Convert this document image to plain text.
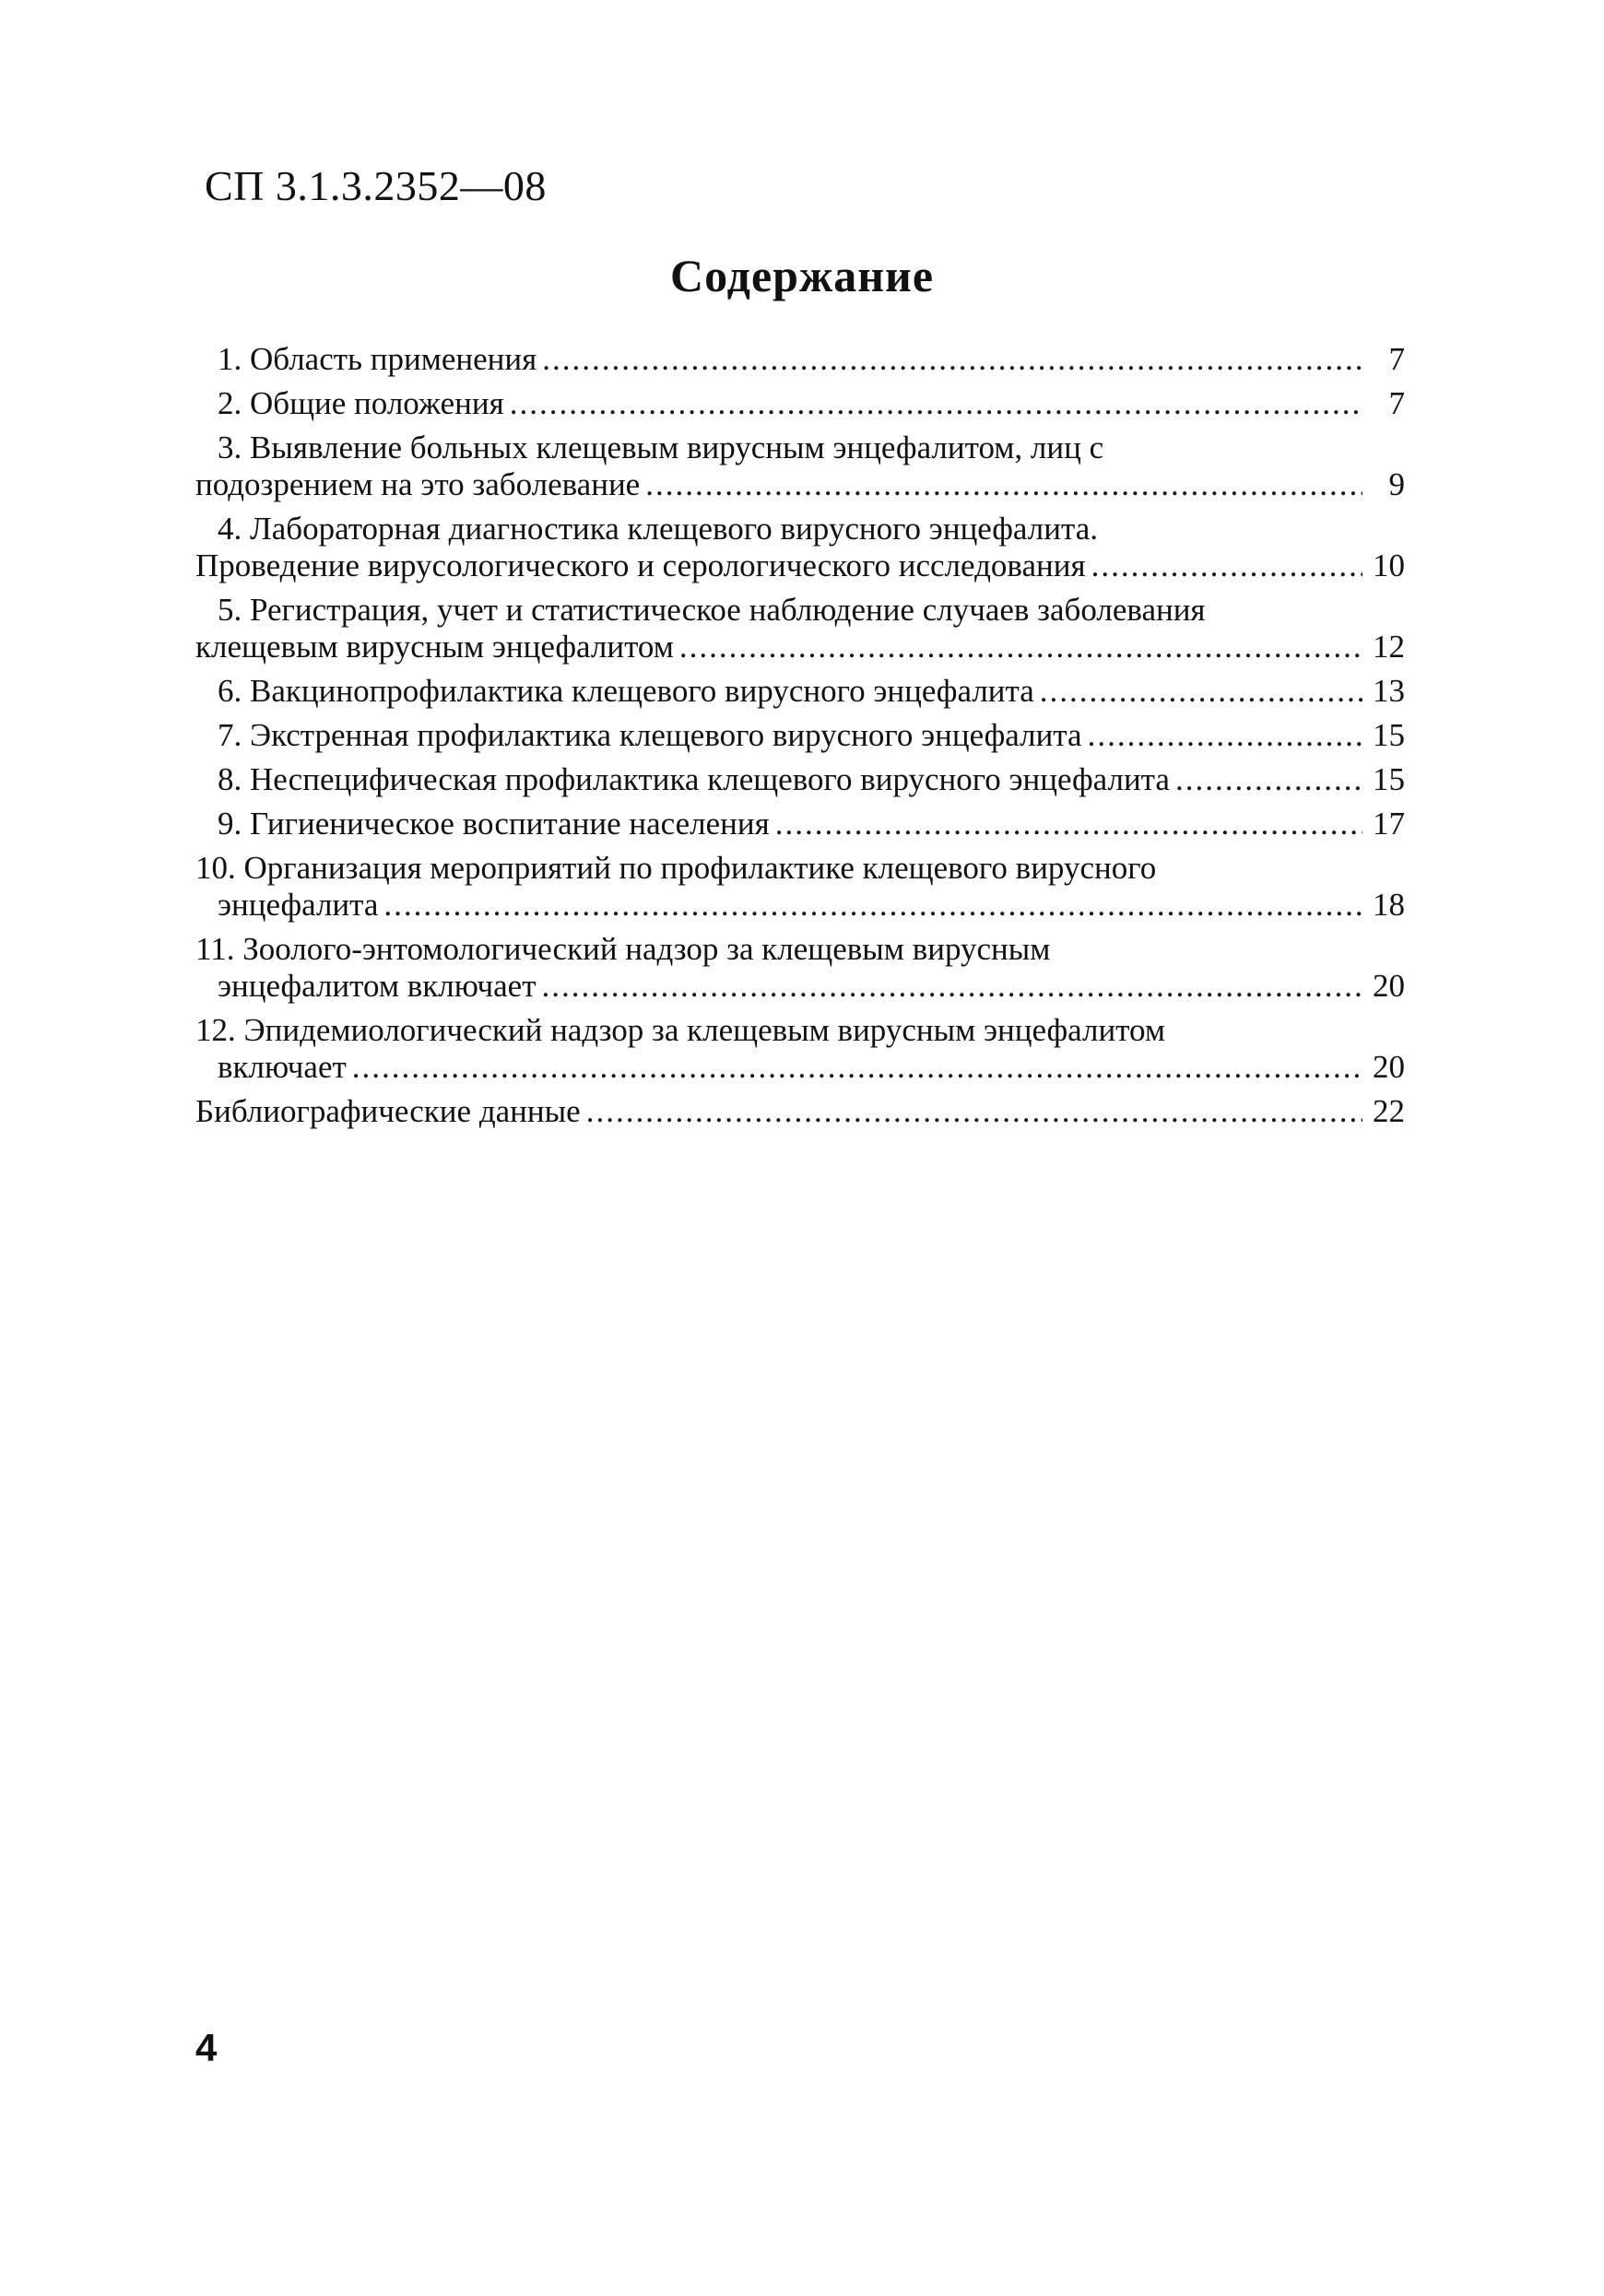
СП 3.1.3.2352—08
Содержание
1. Область применения .....	7
2. Общие положения .....	7
3. Выявление больных клещевым вирусным энцефалитом, лиц с
подозрением на это заболевание .....	9
4. Лабораторная диагностика клещевого вирусного энцефалита.
Проведение вирусологического и серологического исследования .....	10
5. Регистрация, учет и статистическое наблюдение случаев заболевания
клещевым вирусным энцефалитом .....	12
6. Вакцинопрофилактика клещевого вирусного энцефалита .....	13
7. Экстренная профилактика клещевого вирусного энцефалита .....	15
8. Неспецифическая профилактика клещевого вирусного энцефалита .....	15
9. Гигиеническое воспитание населения .....	17
10. Организация мероприятий по профилактике клещевого вирусного
энцефалита .....	18
11. Зоолого-энтомологический надзор за клещевым вирусным
энцефалитом включает .....	20
12. Эпидемиологический надзор за клещевым вирусным энцефалитом
включает .....	20
Библиографические данные .....	22
4
